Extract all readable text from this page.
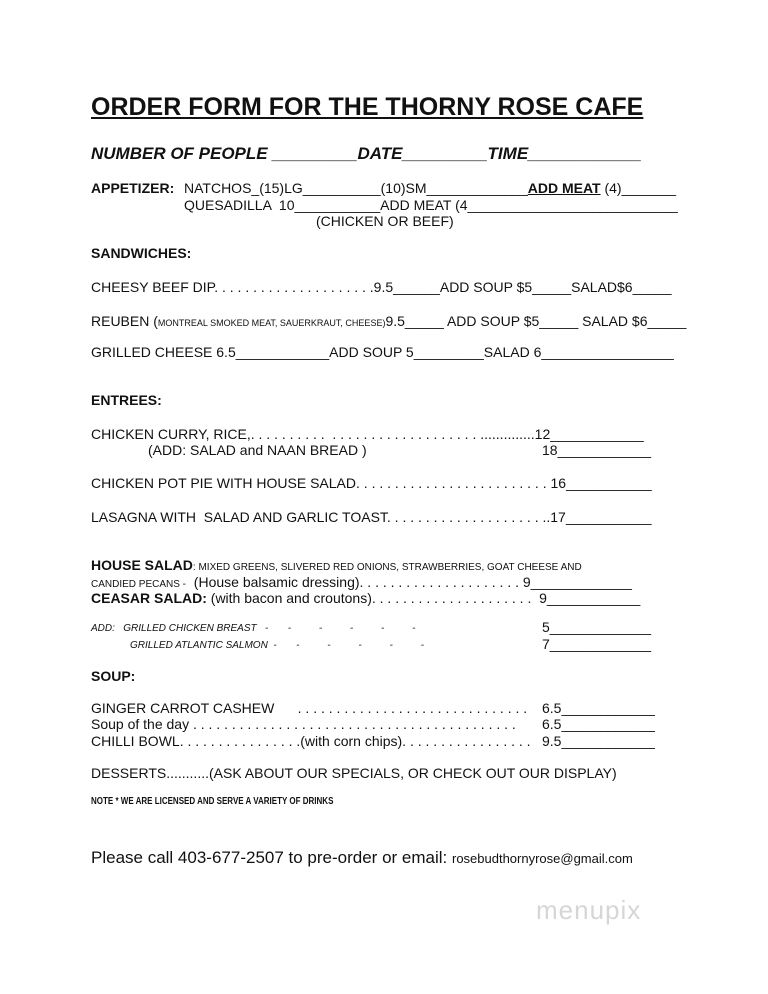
ORDER FORM FOR THE THORNY ROSE CAFE
NUMBER OF PEOPLE _________DATE_________TIME____________
APPETIZER: NATCHOS_(15)LG__________(10)SM_____________ADD MEAT (4)_______
QUESADILLA  10___________ADD MEAT (4___________________________
(CHICKEN OR BEEF)
SANDWICHES:
CHEESY BEEF DIP. . . . . . . . . . . . . . . . . . . . .9.5______ADD SOUP $5_____SALAD$6_____
REUBEN (MONTREAL SMOKED MEAT, SAUERKRAUT, CHEESE)9.5_____ ADD SOUP $5_____ SALAD $6_____
GRILLED CHEESE 6.5____________ADD SOUP 5_________SALAD 6_________________
ENTREES:
CHICKEN CURRY, RICE,. . . . . . . . . .  . . . . . . . . . . . . . . . . . . . ..............12____________
(ADD: SALAD and NAAN BREAD )	18____________
CHICKEN POT PIE WITH HOUSE SALAD. . . . . . . . . . . . . . . . . . . . . . . . . 16___________
LASAGNA WITH  SALAD AND GARLIC TOAST. . . . . . . . . . . . . . . . . . . . ..17___________
HOUSE SALAD: MIXED GREENS, SLIVERED RED ONIONS, STRAWBERRIES, GOAT CHEESE AND
CANDIED PECANS -  (House balsamic dressing). . . . . . . . . . . . . . . . . . . . . 9_____________
CEASAR SALAD: (with bacon and croutons). . . . . . . . . . . . . . . . . . . . .  9____________
ADD:   GRILLED CHICKEN BREAST   -       -          -          -          -          -	5_____________
GRILLED ATLANTIC SALMON  -       -          -          -          -          -	7_____________
SOUP:
GINGER CARROT CASHEW      . . . . . . . . . . . . . . . . . . . . . . . . . . . . . . 6.5____________
Soup of the day . . . . . . . . . . . . . . . . . . . . . . . . . . . . . . . . . . . . . . . . . . 6.5____________
CHILLI BOWL. . . . . . . . . . . . . . . .(with corn chips). . . . . . . . . . . . . . . . . 9.5____________
DESSERTS...........(ASK ABOUT OUR SPECIALS, OR CHECK OUT OUR DISPLAY)
NOTE * WE ARE LICENSED AND SERVE A VARIETY OF DRINKS
Please call 403-677-2507 to pre-order or email: rosebudthornyrose@gmail.com
menupix
